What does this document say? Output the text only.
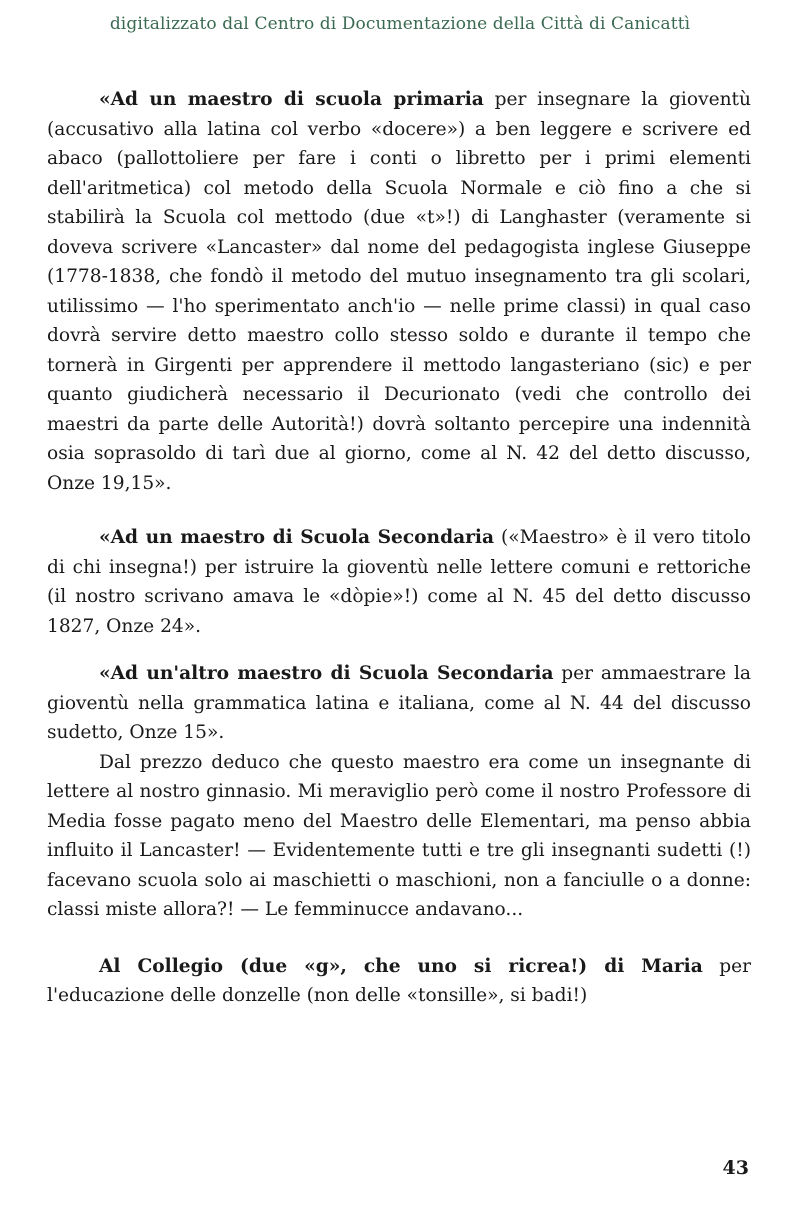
digitalizzato dal Centro di Documentazione della Città di Canicattì

«Ad un maestro di scuola primaria per insegnare la gioventù (accusativo alla latina col verbo «docere») a ben leggere e scrivere ed abaco (pallottoliere per fare i conti o libretto per i primi elementi dell'aritmetica) col metodo della Scuola Normale e ciò fino a che si stabilirà la Scuola col mettodo (due «t»!) di Langhaster (veramente si doveva scrivere «Lancaster» dal nome del pedagogista inglese Giuseppe (1778-1838, che fondò il metodo del mutuo insegnamento tra gli scolari, utilissimo — l'ho sperimentato anch'io — nelle prime classi) in qual caso dovrà servire detto maestro collo stesso soldo e durante il tempo che tornerà in Girgenti per apprendere il mettodo langasteriano (sic) e per quanto giudicherà necessario il Decurionato (vedi che controllo dei maestri da parte delle Autorità!) dovrà soltanto percepire una indennità osia soprasoldo di tarì due al giorno, come al N. 42 del detto discusso, Onze 19,15».

«Ad un maestro di Scuola Secondaria («Maestro» è il vero titolo di chi insegna!) per istruire la gioventù nelle lettere comuni e rettoriche (il nostro scrivano amava le «dòpie»!) come al N. 45 del detto discusso 1827, Onze 24».

«Ad un'altro maestro di Scuola Secondaria per ammaestrare la gioventù nella grammatica latina e italiana, come al N. 44 del discusso sudetto, Onze 15».

Dal prezzo deduco che questo maestro era come un insegnante di lettere al nostro ginnasio. Mi meraviglio però come il nostro Professore di Media fosse pagato meno del Maestro delle Elementari, ma penso abbia influito il Lancaster! — Evidentemente tutti e tre gli insegnanti sudetti (!) facevano scuola solo ai maschietti o maschioni, non a fanciulle o a donne: classi miste allora?! — Le femminucce andavano...

Al Collegio (due «g», che uno si ricrea!) di Maria per l'educazione delle donzelle (non delle «tonsille», si badi!)

43
